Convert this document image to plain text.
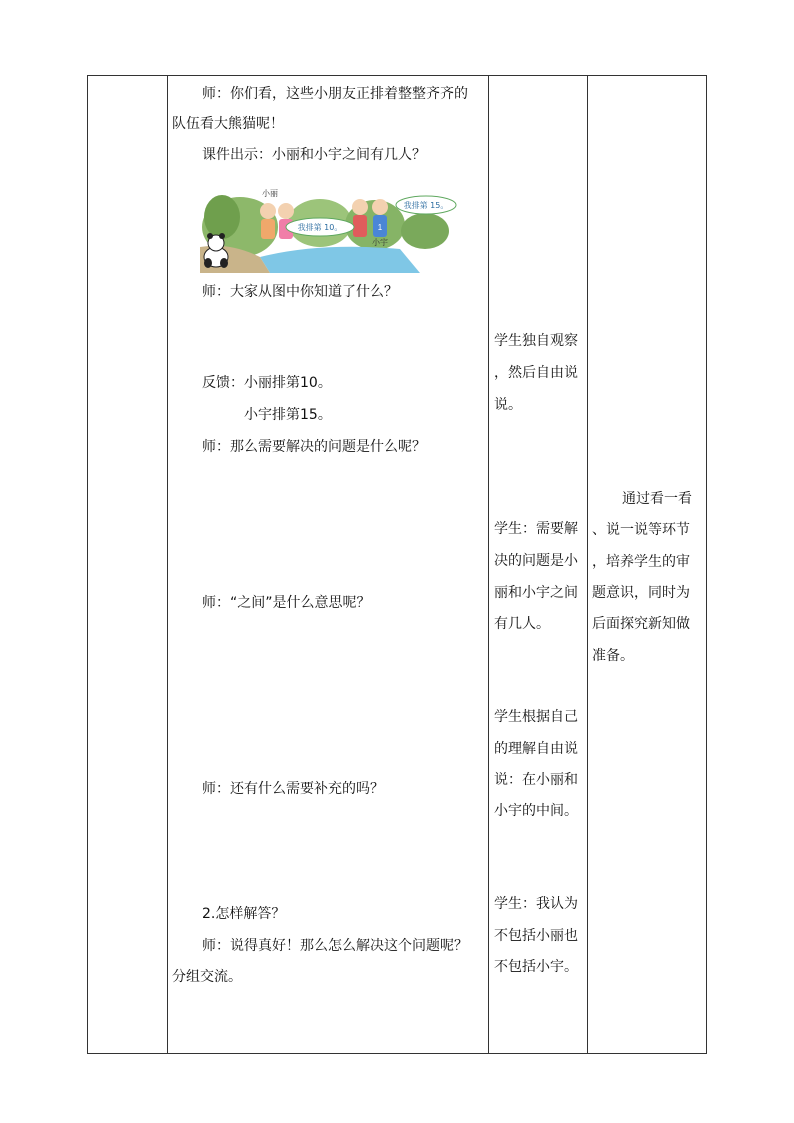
师：你们看，这些小朋友正排着整整齐齐的
队伍看大熊猫呢！
课件出示：小丽和小宇之间有几人？
1
我排第 10。
我排第 15。
小丽
小宇
师：大家从图中你知道了什么？
反馈：小丽排第10。
小宇排第15。
师：那么需要解决的问题是什么呢？
师：“之间”是什么意思呢？
师：还有什么需要补充的吗？
2.怎样解答？
师：说得真好！那么怎么解决这个问题呢？
分组交流。
学生独自观察
，然后自由说
说。
学生：需要解
决的问题是小
丽和小宇之间
有几人。
学生根据自己
的理解自由说
说：在小丽和
小宇的中间。
学生：我认为
不包括小丽也
不包括小宇。
通过看一看
、说一说等环节
，培养学生的审
题意识，同时为
后面探究新知做
准备。
